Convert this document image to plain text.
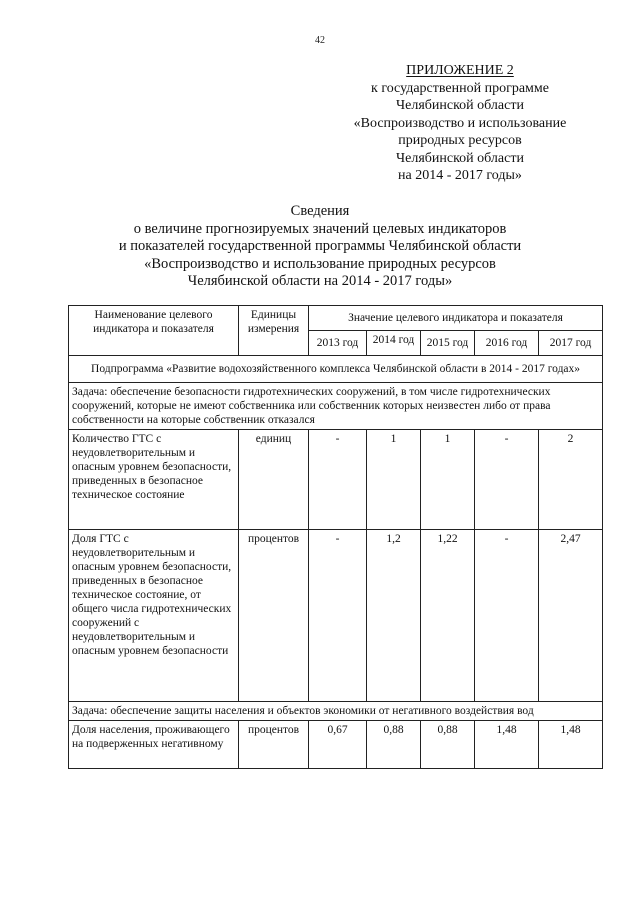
42
ПРИЛОЖЕНИЕ 2
к государственной программе
Челябинской области
«Воспроизводство и использование
природных ресурсов
Челябинской области
на 2014 - 2017 годы»
Сведения
о величине прогнозируемых значений целевых индикаторов
и показателей государственной программы Челябинской области
«Воспроизводство и использование природных ресурсов
Челябинской области на 2014 - 2017 годы»
Наименование целевого индикатора и показателя	Единицы измерения	Значение целевого индикатора и показателя				
		2013 год	2014 год	2015 год	2016 год	2017 год
Подпрограмма «Развитие водохозяйственного комплекса Челябинской области в 2014 - 2017 годах»						
Задача: обеспечение безопасности гидротехнических сооружений, в том числе гидротехнических сооружений, которые не имеют собственника или собственник которых неизвестен либо от права собственности на которые собственник отказался						
Количество ГТС с неудовлетворительным и опасным уровнем безопасности, приведенных в безопасное техническое состояние	единиц	-	1	1	-	2
Доля ГТС с неудовлетворительным и опасным уровнем безопасности, приведенных в безопасное техническое состояние, от общего числа гидротехнических сооружений с неудовлетворительным и опасным уровнем безопасности	процентов	-	1,2	1,22	-	2,47
Задача: обеспечение защиты населения и объектов экономики от негативного воздействия вод						
Доля населения, проживающего на подверженных негативному	процентов	0,67	0,88	0,88	1,48	1,48
